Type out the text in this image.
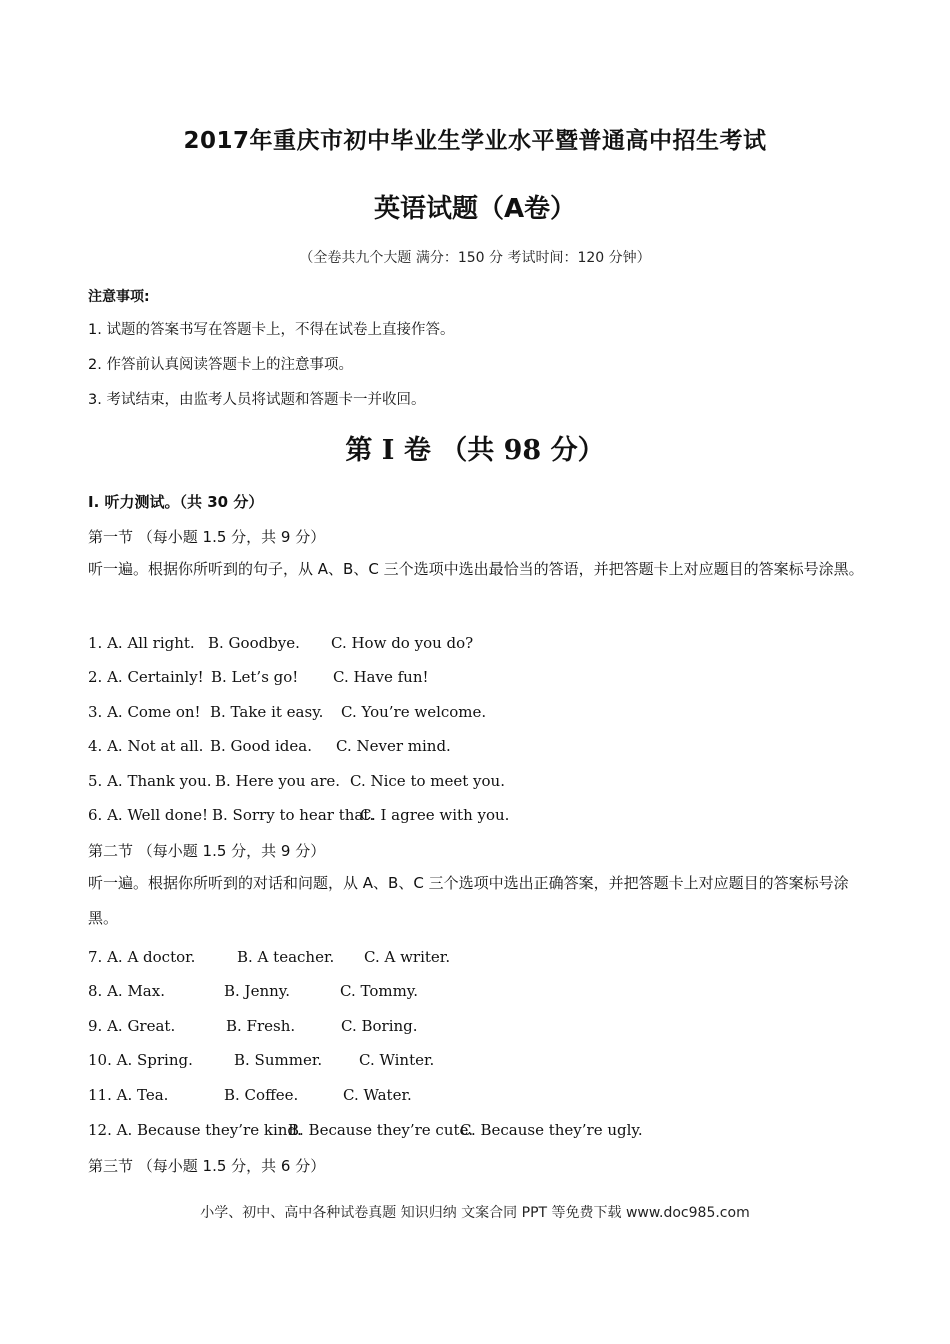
2017年重庆市初中毕业生学业水平暨普通高中招生考试
英语试题（A卷）
（全卷共九个大题 满分：150 分 考试时间：120 分钟）
注意事项:
1. 试题的答案书写在答题卡上，不得在试卷上直接作答。
2. 作答前认真阅读答题卡上的注意事项。
3. 考试结束，由监考人员将试题和答题卡一并收回。
第 I 卷 （共 98 分）
I. 听力测试。（共 30 分）
第一节 （每小题 1.5 分，共 9 分）
听一遍。根据你所听到的句子，从 A、B、C 三个选项中选出最恰当的答语，并把答题卡上对应题目的答案标号涂黑。
1. A. All right. B. Goodbye. C. How do you do?
2. A. Certainly! B. Let’s go! C. Have fun!
3. A. Come on! B. Take it easy. C. You’re welcome.
4. A. Not at all. B. Good idea. C. Never mind.
5. A. Thank you. B. Here you are. C. Nice to meet you.
6. A. Well done! B. Sorry to hear that.
C. I agree with you.
第二节 （每小题 1.5 分，共 9 分）
听一遍。根据你所听到的对话和问题，从 A、B、C 三个选项中选出正确答案，并把答题卡上对应题目的答案标号涂黑。
7. A. A doctor.	B. A teacher. C. A writer.
8. A. Max.	B. Jenny.	C. Tommy.
9. A. Great.	B. Fresh.	C. Boring.
10. A. Spring.	B. Summer. C. Winter.
11. A. Tea.	B. Coffee.	C. Water.
12. A. Because they’re kind.
B. Because they’re cute.
C. Because they’re ugly.
第三节 （每小题 1.5 分，共 6 分）
小学、初中、高中各种试卷真题 知识归纳 文案合同 PPT 等免费下载 www.doc985.com
